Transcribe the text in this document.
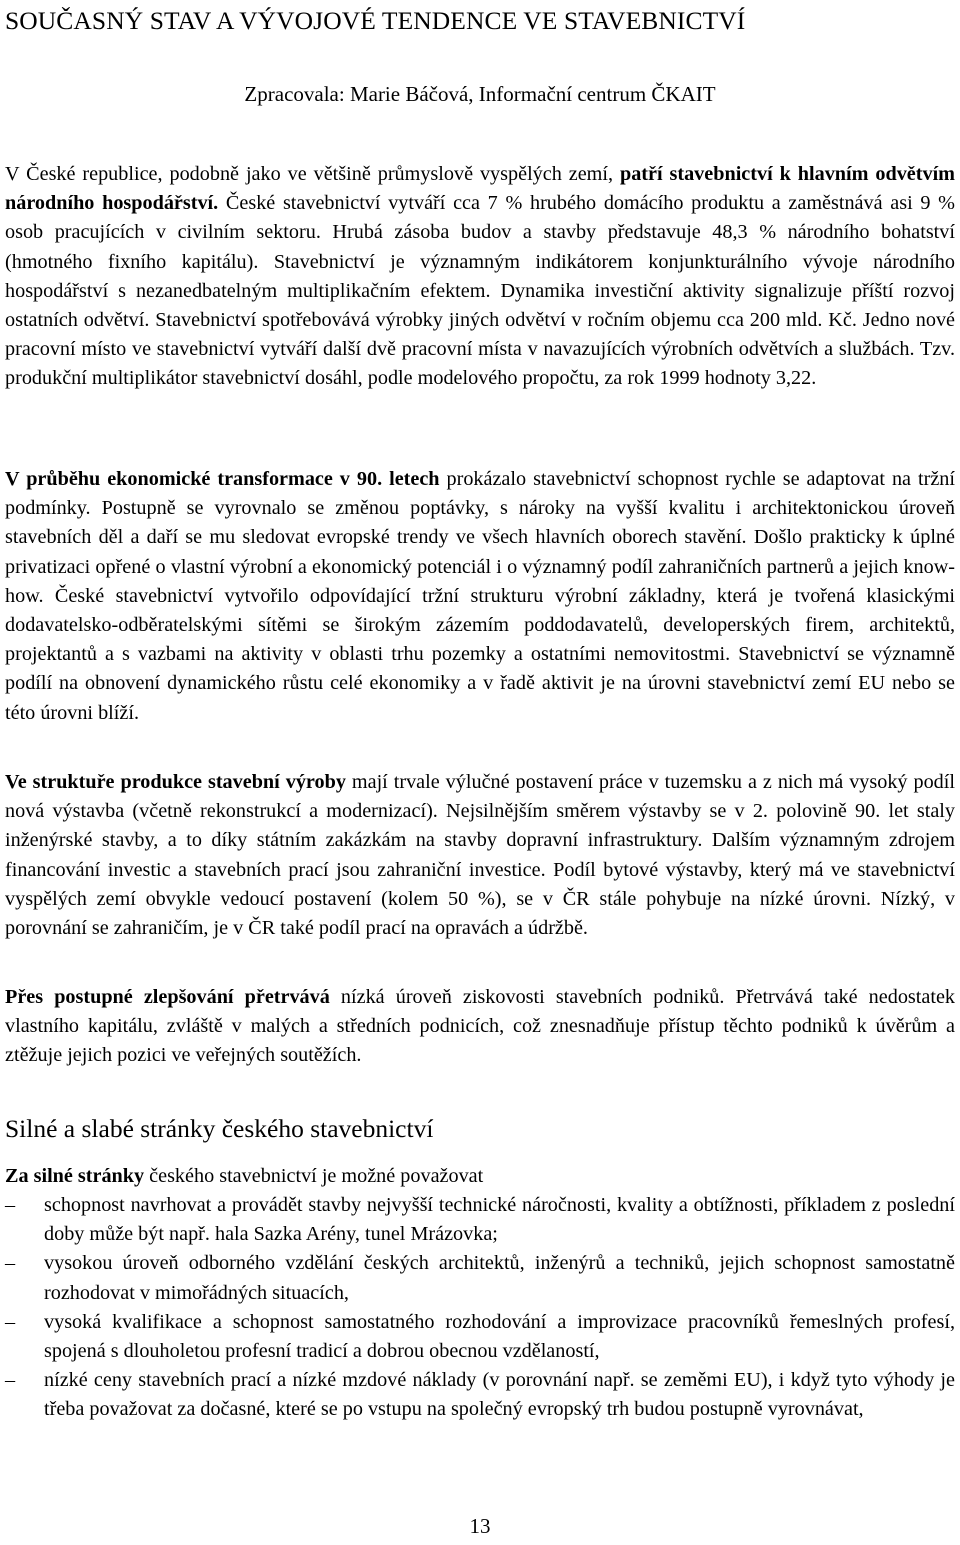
SOUČASNÝ STAV A VÝVOJOVÉ TENDENCE VE STAVEBNICTVÍ
Zpracovala: Marie Báčová, Informační centrum ČKAIT

V České republice, podobně jako ve většině průmyslově vyspělých zemí, patří stavebnictví k hlavním odvětvím národního hospodářství. České stavebnictví vytváří cca 7 % hrubého domácího produktu a zaměstnává asi 9 % osob pracujících v civilním sektoru. Hrubá zásoba budov a stavby představuje 48,3 % národního bohatství (hmotného fixního kapitálu). Stavebnictví je významným indikátorem konjunkturálního vývoje národního hospodářství s nezanedbatelným multiplikačním efektem. Dynamika investiční aktivity signalizuje příští rozvoj ostatních odvětví. Stavebnictví spotřebovává výrobky jiných odvětví v ročním objemu cca 200 mld. Kč. Jedno nové pracovní místo ve stavebnictví vytváří další dvě pracovní místa v navazujících výrobních odvětvích a službách. Tzv. produkční multiplikátor stavebnictví dosáhl, podle modelového propočtu, za rok 1999 hodnoty 3,22.

V průběhu ekonomické transformace v 90. letech prokázalo stavebnictví schopnost rychle se adaptovat na tržní podmínky. Postupně se vyrovnalo se změnou poptávky, s nároky na vyšší kvalitu i architektonickou úroveň stavebních děl a daří se mu sledovat evropské trendy ve všech hlavních oborech stavění. Došlo prakticky k úplné privatizaci opřené o vlastní výrobní a ekonomický potenciál i o významný podíl zahraničních partnerů a jejich know-how. České stavebnictví vytvořilo odpovídající tržní strukturu výrobní základny, která je tvořená klasickými dodavatelsko-odběratelskými sítěmi se širokým zázemím poddodavatelů, developerských firem, architektů, projektantů a s vazbami na aktivity v oblasti trhu pozemky a ostatními nemovitostmi. Stavebnictví se významně podílí na obnovení dynamického růstu celé ekonomiky a v řadě aktivit je na úrovni stavebnictví zemí EU nebo se této úrovni blíží.

Ve struktuře produkce stavební výroby mají trvale výlučné postavení práce v tuzemsku a z nich má vysoký podíl nová výstavba (včetně rekonstrukcí a modernizací). Nejsilnějším směrem výstavby se v 2. polovině 90. let staly inženýrské stavby, a to díky státním zakázkám na stavby dopravní infrastruktury. Dalším významným zdrojem financování investic a stavebních prací jsou zahraniční investice. Podíl bytové výstavby, který má ve stavebnictví vyspělých zemí obvykle vedoucí postavení (kolem 50 %), se v ČR stále pohybuje na nízké úrovni. Nízký, v porovnání se zahraničím, je v ČR také podíl prací na opravách a údržbě.

Přes postupné zlepšování přetrvává nízká úroveň ziskovosti stavebních podniků. Přetrvává také nedostatek vlastního kapitálu, zvláště v malých a středních podnicích, což znesnadňuje přístup těchto podniků k úvěrům a ztěžuje jejich pozici ve veřejných soutěžích.

Silné a slabé stránky českého stavebnictví

Za silné stránky českého stavebnictví je možné považovat

–	schopnost navrhovat a provádět stavby nejvyšší technické náročnosti, kvality a obtížnosti, příkladem z poslední doby může být např. hala Sazka Arény, tunel Mrázovka;
–	vysokou úroveň odborného vzdělání českých architektů, inženýrů a techniků, jejich schopnost samostatně rozhodovat v mimořádných situacích,
–	vysoká kvalifikace a schopnost samostatného rozhodování a improvizace pracovníků řemeslných profesí, spojená s dlouholetou profesní tradicí a dobrou obecnou vzdělaností,
–	nízké ceny stavebních prací a nízké mzdové náklady (v porovnání např. se zeměmi EU), i když tyto výhody je třeba považovat za dočasné, které se po vstupu na společný evropský trh budou postupně vyrovnávat,
13
